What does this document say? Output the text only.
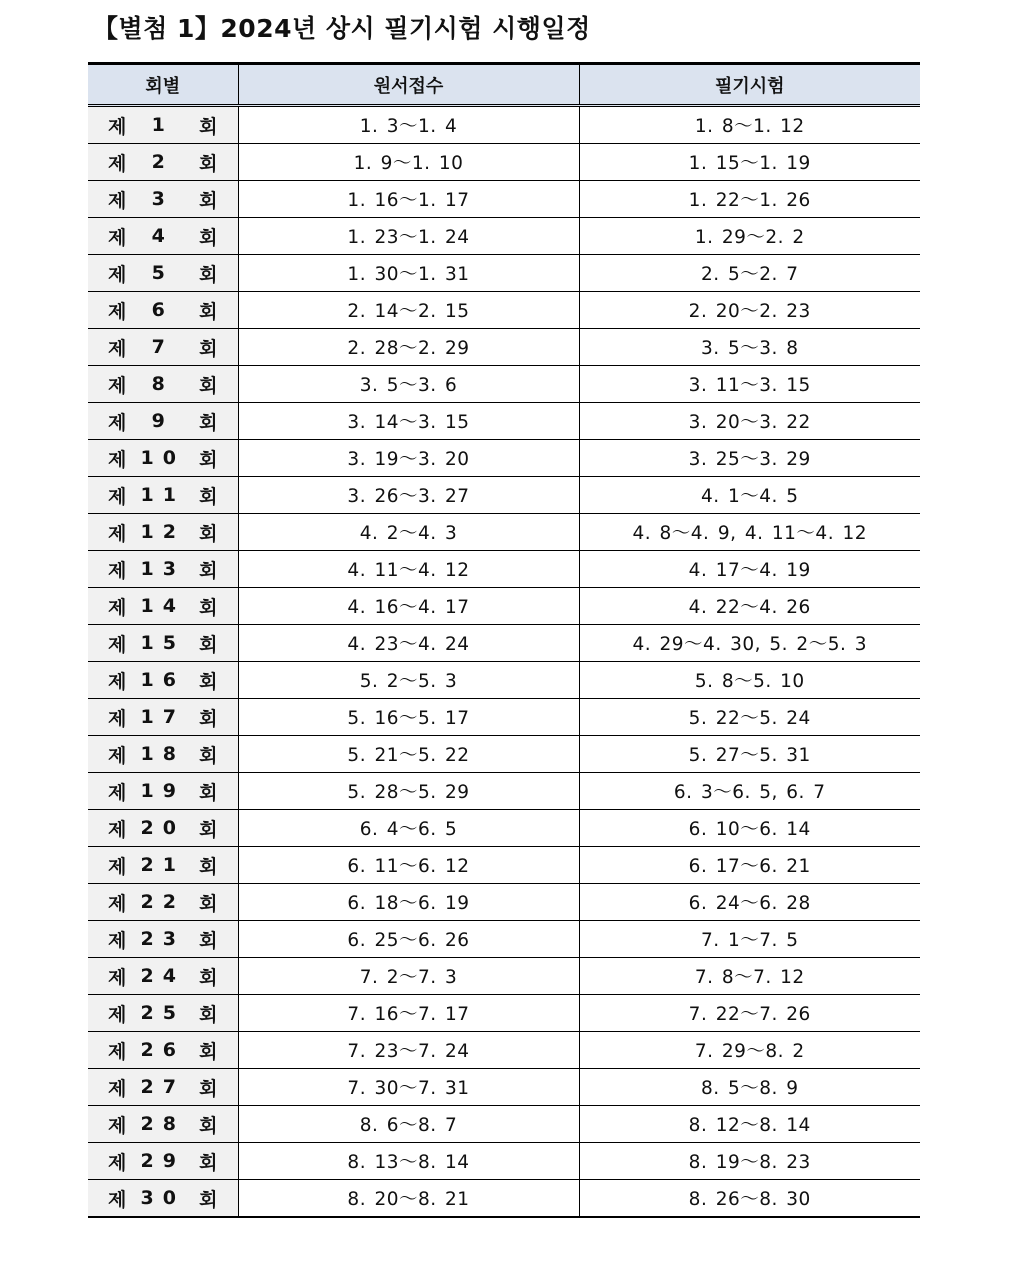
【별첨 1】2024년 상시 필기시험 시행일정
회별	원서접수	필기시험

제 1 회	1. 3～1. 4	1. 8～1. 12

제 2 회	1. 9～1. 10	1. 15～1. 19

제 3 회	1. 16～1. 17	1. 22～1. 26

제 4 회	1. 23～1. 24	1. 29～2. 2

제 5 회	1. 30～1. 31	2. 5～2. 7

제 6 회	2. 14～2. 15	2. 20～2. 23

제 7 회	2. 28～2. 29	3. 5～3. 8

제 8 회	3. 5～3. 6	3. 11～3. 15

제 9 회	3. 14～3. 15	3. 20～3. 22

제 10 회	3. 19～3. 20	3. 25～3. 29

제 11 회	3. 26～3. 27	4. 1～4. 5

제 12 회	4. 2～4. 3	4. 8～4. 9, 4. 11～4. 12

제 13 회	4. 11～4. 12	4. 17～4. 19

제 14 회	4. 16～4. 17	4. 22～4. 26

제 15 회	4. 23～4. 24	4. 29～4. 30, 5. 2～5. 3

제 16 회	5. 2～5. 3	5. 8～5. 10

제 17 회	5. 16～5. 17	5. 22～5. 24

제 18 회	5. 21～5. 22	5. 27～5. 31

제 19 회	5. 28～5. 29	6. 3～6. 5, 6. 7

제 20 회	6. 4～6. 5	6. 10～6. 14

제 21 회	6. 11～6. 12	6. 17～6. 21

제 22 회	6. 18～6. 19	6. 24～6. 28

제 23 회	6. 25～6. 26	7. 1～7. 5

제 24 회	7. 2～7. 3	7. 8～7. 12

제 25 회	7. 16～7. 17	7. 22～7. 26

제 26 회	7. 23～7. 24	7. 29～8. 2

제 27 회	7. 30～7. 31	8. 5～8. 9

제 28 회	8. 6～8. 7	8. 12～8. 14

제 29 회	8. 13～8. 14	8. 19～8. 23

제 30 회	8. 20～8. 21	8. 26～8. 30
